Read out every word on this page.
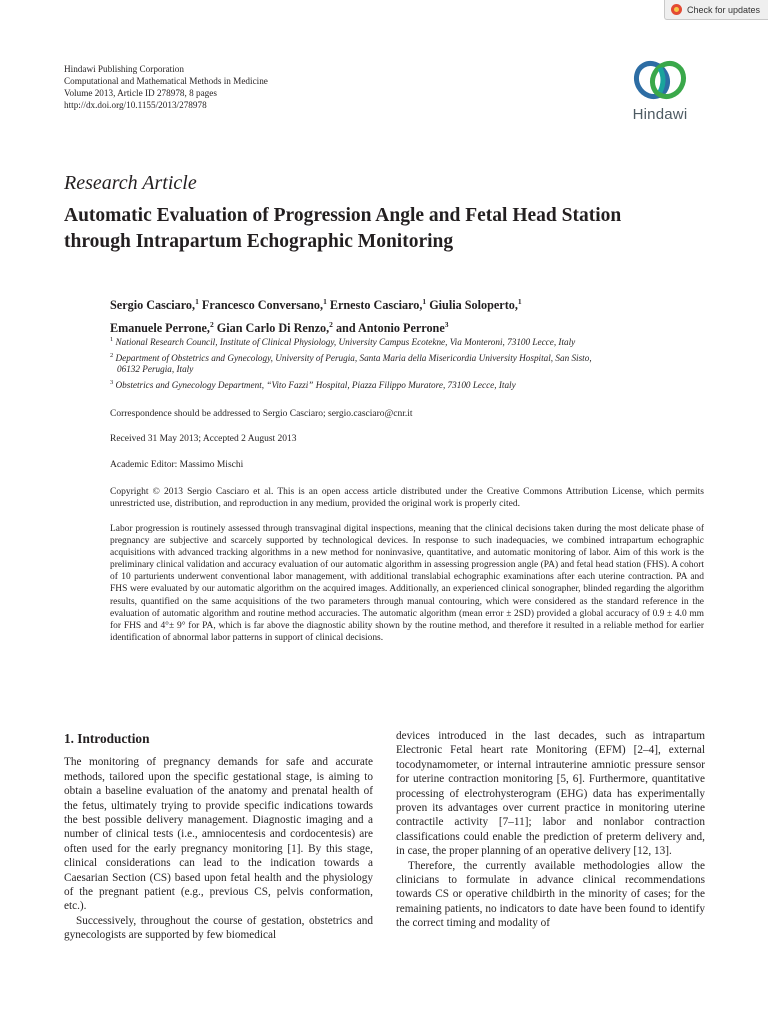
Check for updates
Hindawi Publishing Corporation
Computational and Mathematical Methods in Medicine
Volume 2013, Article ID 278978, 8 pages
http://dx.doi.org/10.1155/2013/278978
Hindawi
Research Article
Automatic Evaluation of Progression Angle and Fetal Head Station through Intrapartum Echographic Monitoring
Sergio Casciaro,$^1$ Francesco Conversano,$^1$ Ernesto Casciaro,$^1$ Giulia Soloperto,$^1$
Emanuele Perrone,$^2$ Gian Carlo Di Renzo,$^2$ and Antonio Perrone$^3$

$^1$ National Research Council, Institute of Clinical Physiology, University Campus Ecotekne, Via Monteroni, 73100 Lecce, Italy

$^2$ Department of Obstetrics and Gynecology, University of Perugia, Santa Maria della Misericordia University Hospital, San Sisto,
06132 Perugia, Italy

$^3$ Obstetrics and Gynecology Department, “Vito Fazzi” Hospital, Piazza Filippo Muratore, 73100 Lecce, Italy

Correspondence should be addressed to Sergio Casciaro; sergio.casciaro@cnr.it
Received 31 May 2013; Accepted 2 August 2013
Academic Editor: Massimo Mischi
Copyright © 2013 Sergio Casciaro et al. This is an open access article distributed under the Creative Commons Attribution License, which permits unrestricted use, distribution, and reproduction in any medium, provided the original work is properly cited.
Labor progression is routinely assessed through transvaginal digital inspections, meaning that the clinical decisions taken during the most delicate phase of pregnancy are subjective and scarcely supported by technological devices. In response to such inadequacies, we combined intrapartum echographic acquisitions with advanced tracking algorithms in a new method for noninvasive, quantitative, and automatic monitoring of labor. Aim of this work is the preliminary clinical validation and accuracy evaluation of our automatic algorithm in assessing progression angle (PA) and fetal head station (FHS). A cohort of 10 parturients underwent conventional labor management, with additional translabial echographic examinations after each uterine contraction. PA and FHS were evaluated by our automatic algorithm on the acquired images. Additionally, an experienced clinical sonographer, blinded regarding the algorithm results, quantified on the same acquisitions of the two parameters through manual contouring, which were considered as the standard reference in the evaluation of automatic algorithm and routine method accuracies. The automatic algorithm (mean error ± 2SD) provided a global accuracy of 0.9 ± 4.0 mm for FHS and 4°± 9° for PA, which is far above the diagnostic ability shown by the routine method, and therefore it resulted in a reliable method for earlier identification of abnormal labor patterns in support of clinical decisions.
1. Introduction

The monitoring of pregnancy demands for safe and accurate methods, tailored upon the specific gestational stage, is aiming to obtain a baseline evaluation of the anatomy and prenatal health of the fetus, ultimately trying to provide specific indications towards the best possible delivery management. Diagnostic imaging and a number of clinical tests (i.e., amniocentesis and cordocentesis) are often used for the early pregnancy monitoring [1]. By this stage, clinical considerations can lead to the indication towards a Caesarian Section (CS) based upon fetal health and the physiology of the pregnant patient (e.g., previous CS, pelvis conformation, etc.).

Successively, throughout the course of gestation, obstetrics and gynecologists are supported by few biomedical

devices introduced in the last decades, such as intrapartum Electronic Fetal heart rate Monitoring (EFM) [2–4], external tocodynamometer, or internal intrauterine amniotic pressure sensor for uterine contraction monitoring [5, 6]. Furthermore, quantitative processing of electrohysterogram (EHG) data has experimentally proven its advantages over current practice in monitoring uterine contractile activity [7–11]; labor and nonlabor contraction classifications could enable the prediction of preterm delivery and, in case, the proper planning of an operative delivery [12, 13].

Therefore, the currently available methodologies allow the clinicians to formulate in advance clinical recommendations towards CS or operative childbirth in the minority of cases; for the remaining patients, no indicators to date have been found to identify the correct timing and modality of
